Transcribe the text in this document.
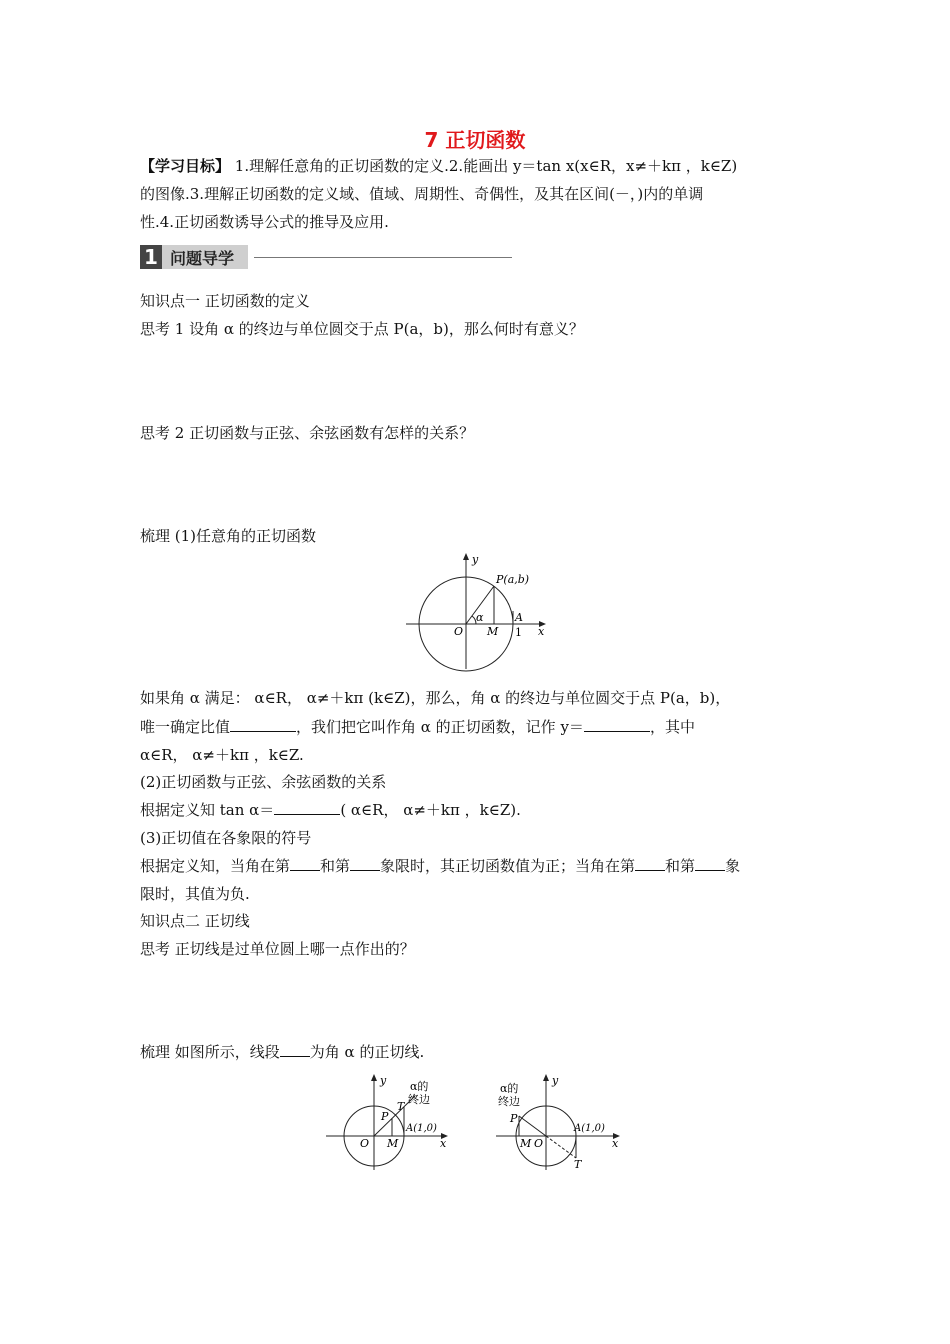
7 正切函数
【学习目标】 1.理解任意角的正切函数的定义.2.能画出 y＝tan x(x∈R，x≠＋kπ ，k∈Z)
的图像.3.理解正切函数的定义域、值域、周期性、奇偶性，及其在区间(－，)内的单调
性.4.正切函数诱导公式的推导及应用.
1 问题导学
知识点一 正切函数的定义
思考 1 设角 α 的终边与单位圆交于点 P(a，b)，那么何时有意义？
思考 2 正切函数与正弦、余弦函数有怎样的关系？
梳理 (1)任意角的正切函数
y
x
P(a,b)
α	A
O M 1
如果角 α 满足： α∈R， α≠＋kπ (k∈Z)，那么，角 α 的终边与单位圆交于点 P(a，b)，
唯一确定比值	，我们把它叫作角 α 的正切函数，记作 y＝	，其中
α∈R， α≠＋kπ ，k∈Z.
(2)正切函数与正弦、余弦函数的关系
根据定义知 tan α＝	( α∈R， α≠＋kπ ，k∈Z).
(3)正切值在各象限的符号
根据定义知，当角在第 和第 象限时，其正切函数值为正；当角在第 和第 象
限时，其值为负.
知识点二 正切线
思考 正切线是过单位圆上哪一点作出的？
梳理 如图所示，线段 为角 α 的正切线.
y
x
α的
终边
T
P
A(1,0)
O M
y
x
α的
终边
P
A(1,0)
O
M
T
